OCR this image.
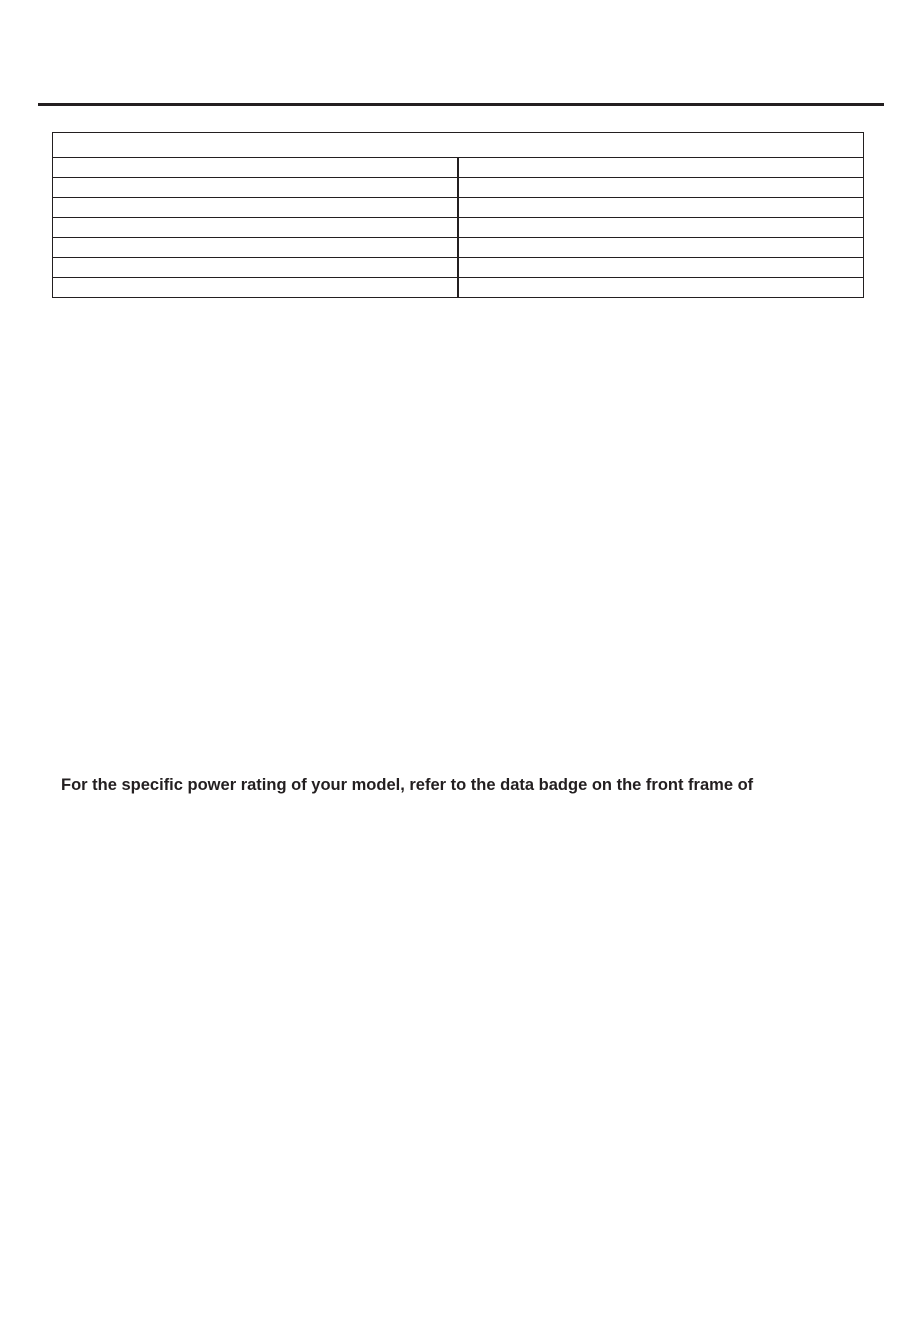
For the specific power rating of your model, refer to the data badge on the front frame of
